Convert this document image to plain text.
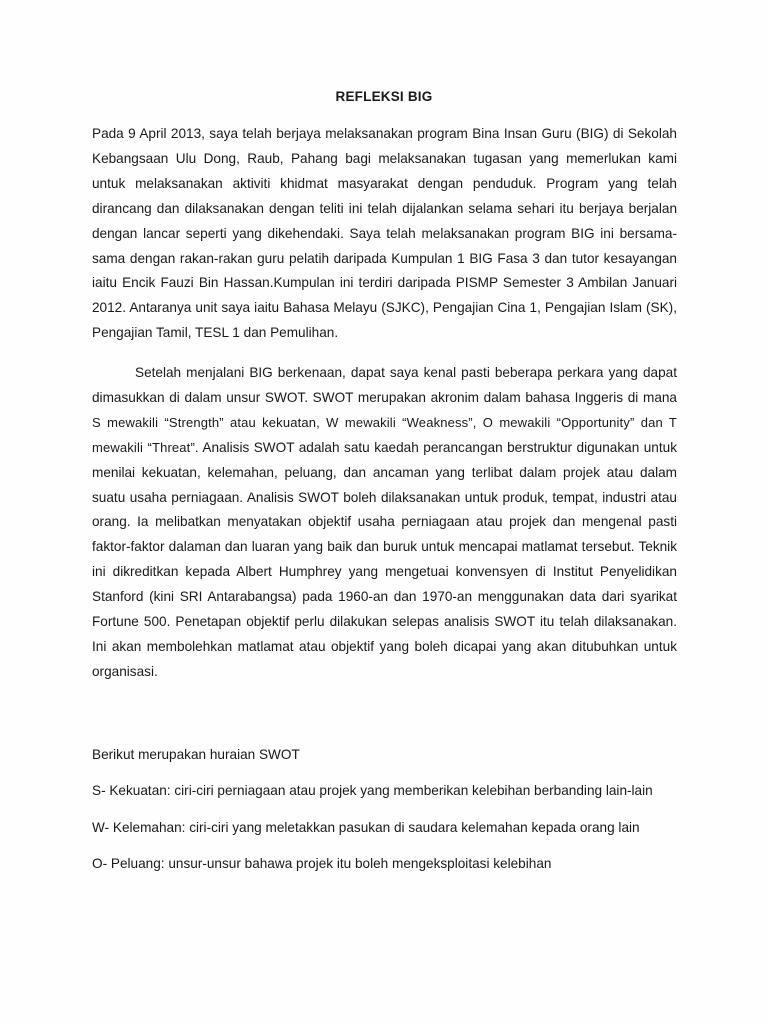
REFLEKSI BIG

Pada 9 April 2013, saya telah berjaya melaksanakan program Bina Insan Guru (BIG) di Sekolah Kebangsaan Ulu Dong, Raub, Pahang bagi melaksanakan tugasan yang memerlukan kami untuk melaksanakan aktiviti khidmat masyarakat dengan penduduk. Program yang telah dirancang dan dilaksanakan dengan teliti ini telah dijalankan selama sehari itu berjaya berjalan dengan lancar seperti yang dikehendaki. Saya telah melaksanakan program BIG ini bersama-sama dengan rakan-rakan guru pelatih daripada Kumpulan 1 BIG Fasa 3 dan tutor kesayangan iaitu Encik Fauzi Bin Hassan.Kumpulan ini terdiri daripada PISMP Semester 3 Ambilan Januari 2012. Antaranya unit saya iaitu Bahasa Melayu (SJKC), Pengajian Cina 1, Pengajian Islam (SK), Pengajian Tamil, TESL 1 dan Pemulihan.

Setelah menjalani BIG berkenaan, dapat saya kenal pasti beberapa perkara yang dapat dimasukkan di dalam unsur SWOT. SWOT merupakan akronim dalam bahasa Inggeris di mana S mewakili “Strength” atau kekuatan, W mewakili “Weakness”, O mewakili “Opportunity” dan T mewakili “Threat”. Analisis SWOT adalah satu kaedah perancangan berstruktur digunakan untuk menilai kekuatan, kelemahan, peluang, dan ancaman yang terlibat dalam projek atau dalam suatu usaha perniagaan. Analisis SWOT boleh dilaksanakan untuk produk, tempat, industri atau orang. Ia melibatkan menyatakan objektif usaha perniagaan atau projek dan mengenal pasti faktor-faktor dalaman dan luaran yang baik dan buruk untuk mencapai matlamat tersebut. Teknik ini dikreditkan kepada Albert Humphrey yang mengetuai konvensyen di Institut Penyelidikan Stanford (kini SRI Antarabangsa) pada 1960-an dan 1970-an menggunakan data dari syarikat Fortune 500. Penetapan objektif perlu dilakukan selepas analisis SWOT itu telah dilaksanakan. Ini akan membolehkan matlamat atau objektif yang boleh dicapai yang akan ditubuhkan untuk organisasi.

Berikut merupakan huraian SWOT

S- Kekuatan: ciri-ciri perniagaan atau projek yang memberikan kelebihan berbanding lain-lain

W- Kelemahan: ciri-ciri yang meletakkan pasukan di saudara kelemahan kepada orang lain

O- Peluang: unsur-unsur bahawa projek itu boleh mengeksploitasi kelebihan
